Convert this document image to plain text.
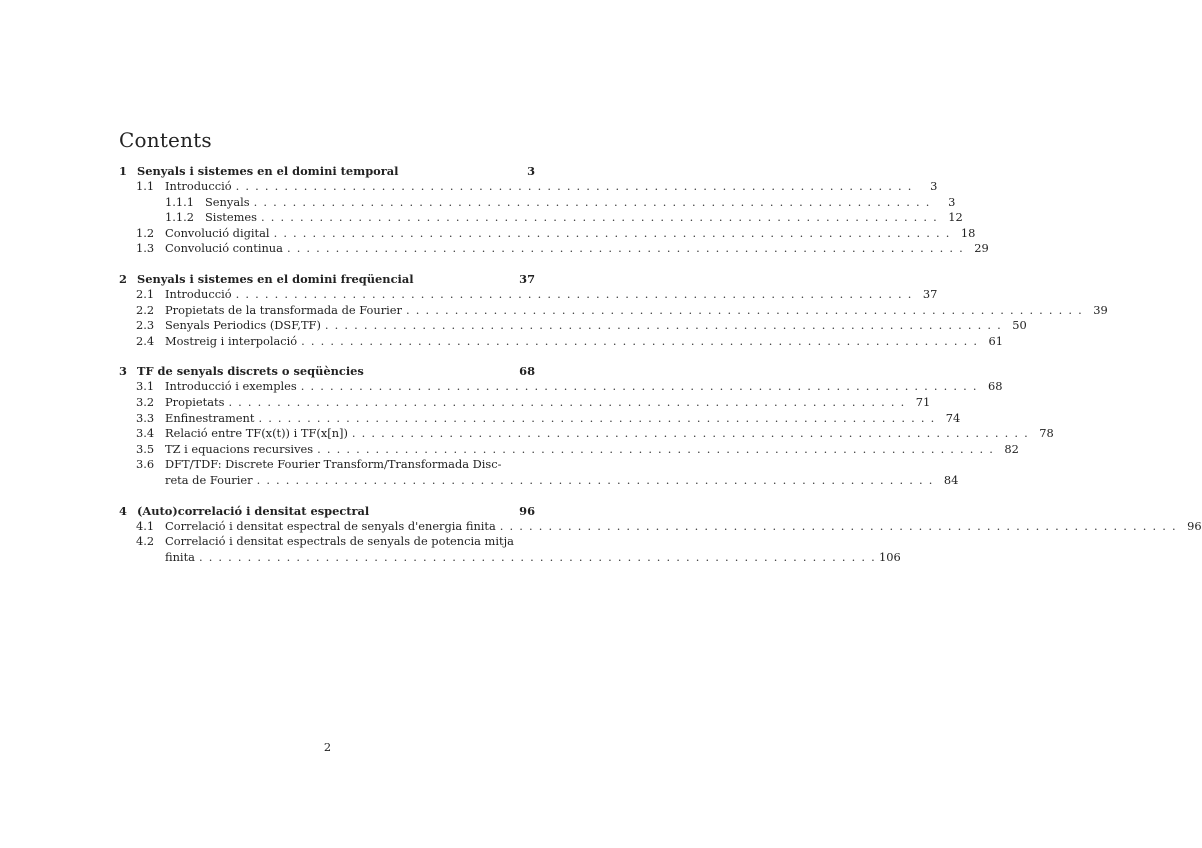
Contents
1 Senyals i sistemes en el domini temporal	3
1.1 Introducció . . .	3
1.1.1 Senyals . . .	3
1.1.2 Sistemes . . .	12
1.2 Convolució digital . . .	18
1.3 Convolució continua . . .	29
2 Senyals i sistemes en el domini freqüencial	37
2.1 Introducció . . .	37
2.2 Propietats de la transformada de Fourier . . .	39
2.3 Senyals Periodics (DSF,TF) . . .	50
2.4 Mostreig i interpolació . . .	61
3 TF de senyals discrets o seqüències	68
3.1 Introducció i exemples . . .	68
3.2 Propietats . . .	71
3.3 Enfinestrament . . .	74
3.4 Relació entre TF(x(t)) i TF(x[n]) . . .	78
3.5 TZ i equacions recursives . . .	82
3.6 DFT/TDF: Discrete Fourier Transform/Transformada Disc-
reta de Fourier . . .	84
4 (Auto)correlació i densitat espectral	96
4.1 Correlació i densitat espectral de senyals d'energia finita . . .	96
4.2 Correlació i densitat espectrals de senyals de potencia mitja
finita . . .	106
2
